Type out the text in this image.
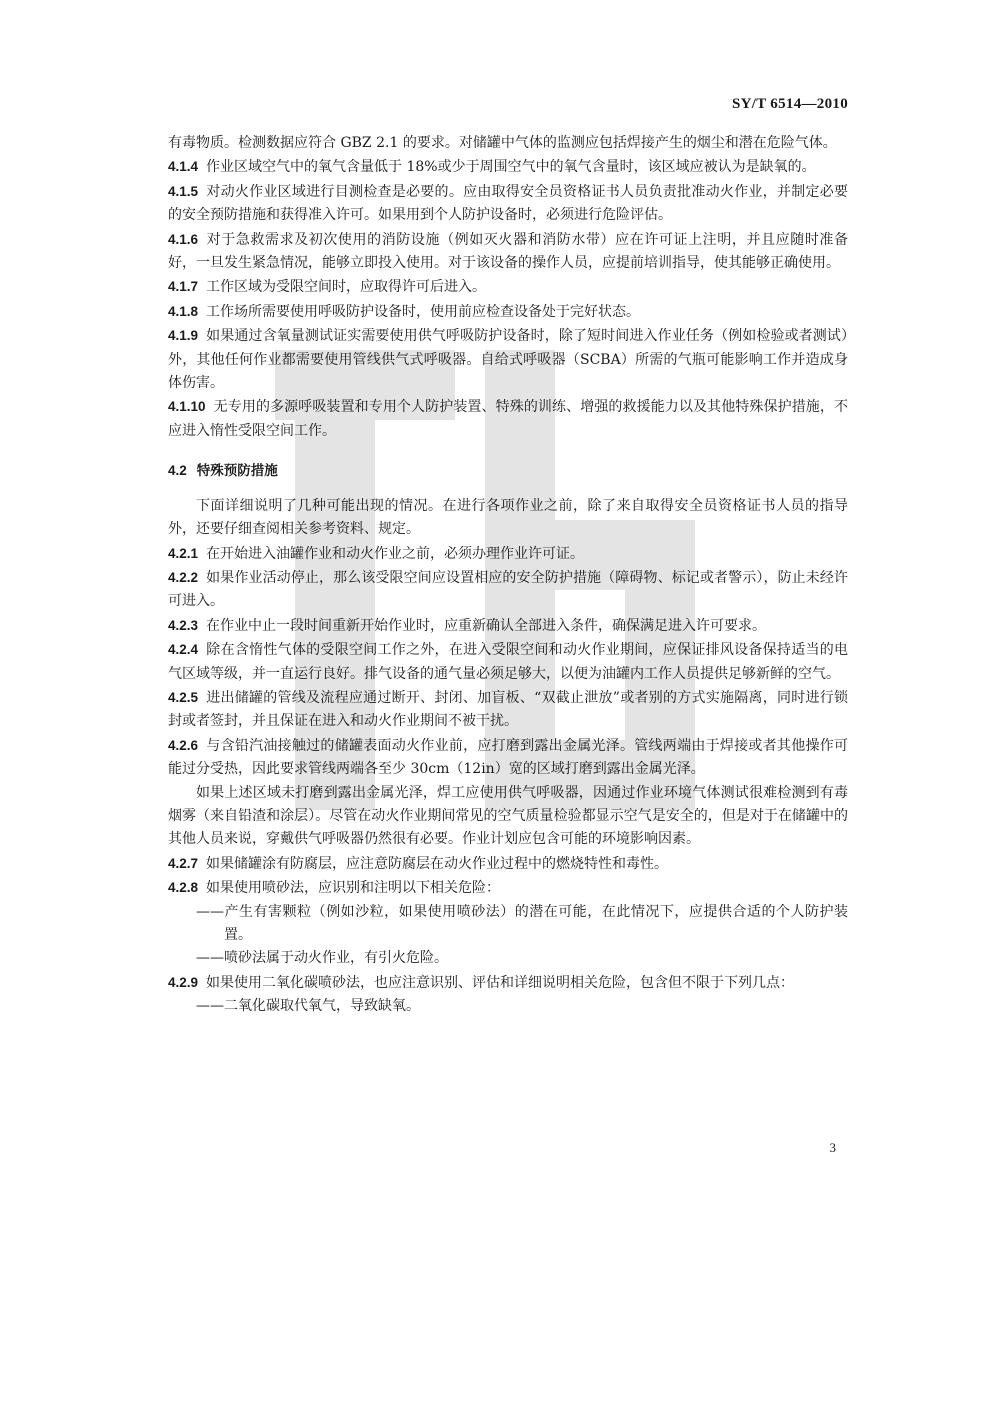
SY/T 6514—2010

有毒物质。检测数据应符合 GBZ 2.1 的要求。对储罐中气体的监测应包括焊接产生的烟尘和潜在危险气体。

4.1.4 作业区域空气中的氧气含量低于 18%或少于周围空气中的氧气含量时，该区域应被认为是缺氧的。

4.1.5 对动火作业区域进行目测检查是必要的。应由取得安全员资格证书人员负责批准动火作业，并制定必要的安全预防措施和获得准入许可。如果用到个人防护设备时，必须进行危险评估。

4.1.6 对于急救需求及初次使用的消防设施（例如灭火器和消防水带）应在许可证上注明，并且应随时准备好，一旦发生紧急情况，能够立即投入使用。对于该设备的操作人员，应提前培训指导，使其能够正确使用。

4.1.7 工作区域为受限空间时，应取得许可后进入。

4.1.8 工作场所需要使用呼吸防护设备时，使用前应检查设备处于完好状态。

4.1.9 如果通过含氧量测试证实需要使用供气呼吸防护设备时，除了短时间进入作业任务（例如检验或者测试）外，其他任何作业都需要使用管线供气式呼吸器。自给式呼吸器（SCBA）所需的气瓶可能影响工作并造成身体伤害。

4.1.10 无专用的多源呼吸装置和专用个人防护装置、特殊的训练、增强的救援能力以及其他特殊保护措施，不应进入惰性受限空间工作。

4.2 特殊预防措施

下面详细说明了几种可能出现的情况。在进行各项作业之前，除了来自取得安全员资格证书人员的指导外，还要仔细查阅相关参考资料、规定。

4.2.1 在开始进入油罐作业和动火作业之前，必须办理作业许可证。

4.2.2 如果作业活动停止，那么该受限空间应设置相应的安全防护措施（障碍物、标记或者警示），防止未经许可进入。

4.2.3 在作业中止一段时间重新开始作业时，应重新确认全部进入条件，确保满足进入许可要求。

4.2.4 除在含惰性气体的受限空间工作之外，在进入受限空间和动火作业期间，应保证排风设备保持适当的电气区域等级，并一直运行良好。排气设备的通气量必须足够大，以便为油罐内工作人员提供足够新鲜的空气。

4.2.5 进出储罐的管线及流程应通过断开、封闭、加盲板、“双截止泄放”或者别的方式实施隔离，同时进行锁封或者签封，并且保证在进入和动火作业期间不被干扰。

4.2.6 与含铅汽油接触过的储罐表面动火作业前，应打磨到露出金属光泽。管线两端由于焊接或者其他操作可能过分受热，因此要求管线两端各至少 30cm（12in）宽的区域打磨到露出金属光泽。

如果上述区域未打磨到露出金属光泽，焊工应使用供气呼吸器，因通过作业环境气体测试很难检测到有毒烟雾（来自铅渣和涂层）。尽管在动火作业期间常见的空气质量检验都显示空气是安全的，但是对于在储罐中的其他人员来说，穿戴供气呼吸器仍然很有必要。作业计划应包含可能的环境影响因素。

4.2.7 如果储罐涂有防腐层，应注意防腐层在动火作业过程中的燃烧特性和毒性。

4.2.8 如果使用喷砂法，应识别和注明以下相关危险：

——产生有害颗粒（例如沙粒，如果使用喷砂法）的潜在可能，在此情况下，应提供合适的个人防护装置。

——喷砂法属于动火作业，有引火危险。

4.2.9 如果使用二氧化碳喷砂法，也应注意识别、评估和详细说明相关危险，包含但不限于下列几点：

——二氧化碳取代氧气，导致缺氧。

3
